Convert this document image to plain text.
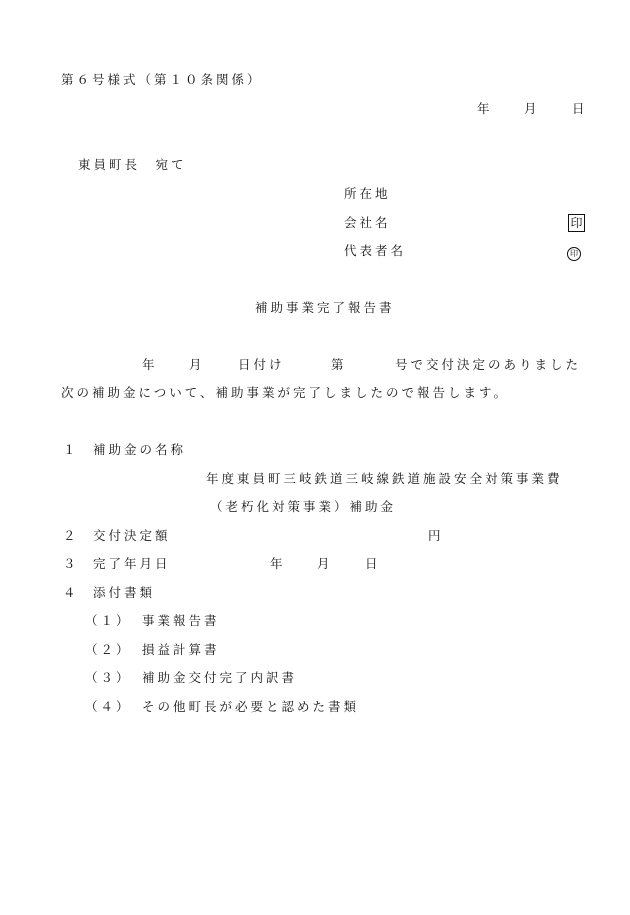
第６号様式（第１０条関係）
年	月	日
東員町長　宛て
所在地
会社名	印
代表者名	印
補助事業完了報告書
年	月	日付け	第	号で交付決定のありました
次の補助金について、補助事業が完了しましたので報告します。
１ 補助金の名称
年度東員町三岐鉄道三岐線鉄道施設安全対策事業費
（老朽化対策事業）補助金
２ 交付決定額	円
３ 完了年月日	年	月	日
４ 添付書類
（１） 事業報告書
（２） 損益計算書
（３） 補助金交付完了内訳書
（４） その他町長が必要と認めた書類
